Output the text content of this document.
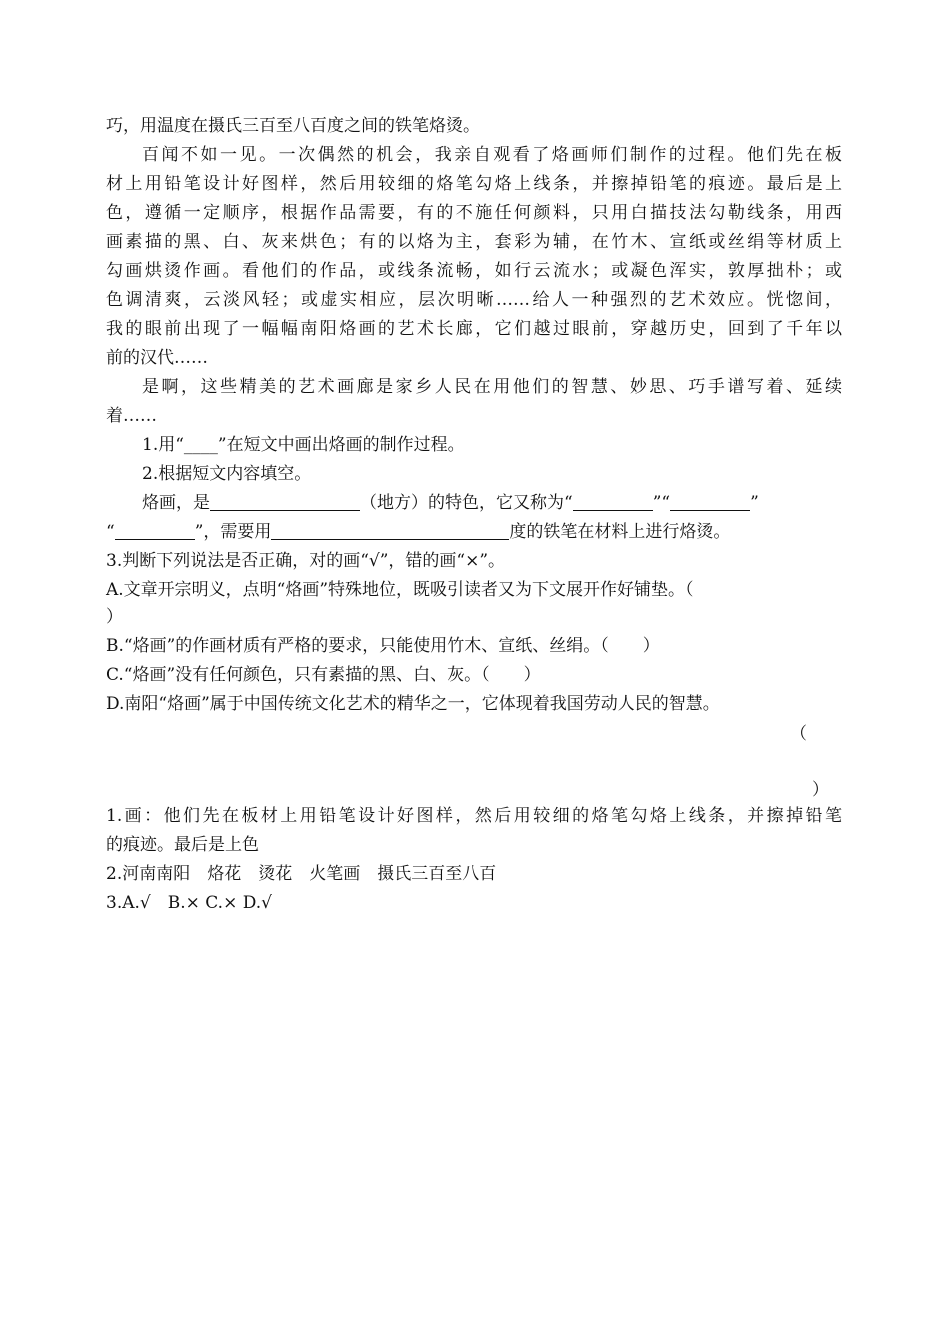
巧，用温度在摄氏三百至八百度之间的铁笔烙烫。
百闻不如一见。一次偶然的机会，我亲自观看了烙画师们制作的过程。他们先在板
材上用铅笔设计好图样，然后用较细的烙笔勾烙上线条，并擦掉铅笔的痕迹。最后是上
色，遵循一定顺序，根据作品需要，有的不施任何颜料，只用白描技法勾勒线条，用西
画素描的黑、白、灰来烘色；有的以烙为主，套彩为辅，在竹木、宣纸或丝绢等材质上
勾画烘烫作画。看他们的作品，或线条流畅，如行云流水；或凝色浑实，敦厚拙朴；或
色调清爽，云淡风轻；或虚实相应，层次明晰……给人一种强烈的艺术效应。恍惚间，
我的眼前出现了一幅幅南阳烙画的艺术长廊，它们越过眼前，穿越历史，回到了千年以
前的汉代……
是啊，这些精美的艺术画廊是家乡人民在用他们的智慧、妙思、巧手谱写着、延续
着……
1.用“____”在短文中画出烙画的制作过程。
2.根据短文内容填空。
烙画，是	（地方）的特色，它又称为“	”“	”
“	”，需要用	度的铁笔在材料上进行烙烫。
3.判断下列说法是否正确，对的画“√”，错的画“×”。
A.文章开宗明义，点明“烙画”特殊地位，既吸引读者又为下文展开作好铺垫。（
）
B.“烙画”的作画材质有严格的要求，只能使用竹木、宣纸、丝绢。（　　）
C.“烙画”没有任何颜色，只有素描的黑、白、灰。（　　）
D.南阳“烙画”属于中国传统文化艺术的精华之一，它体现着我国劳动人民的智慧。
（
）
1.画：他们先在板材上用铅笔设计好图样，然后用较细的烙笔勾烙上线条，并擦掉铅笔
的痕迹。最后是上色
2.河南南阳　烙花　烫花　火笔画　摄氏三百至八百
3.A.√　B.× C.× D.√
